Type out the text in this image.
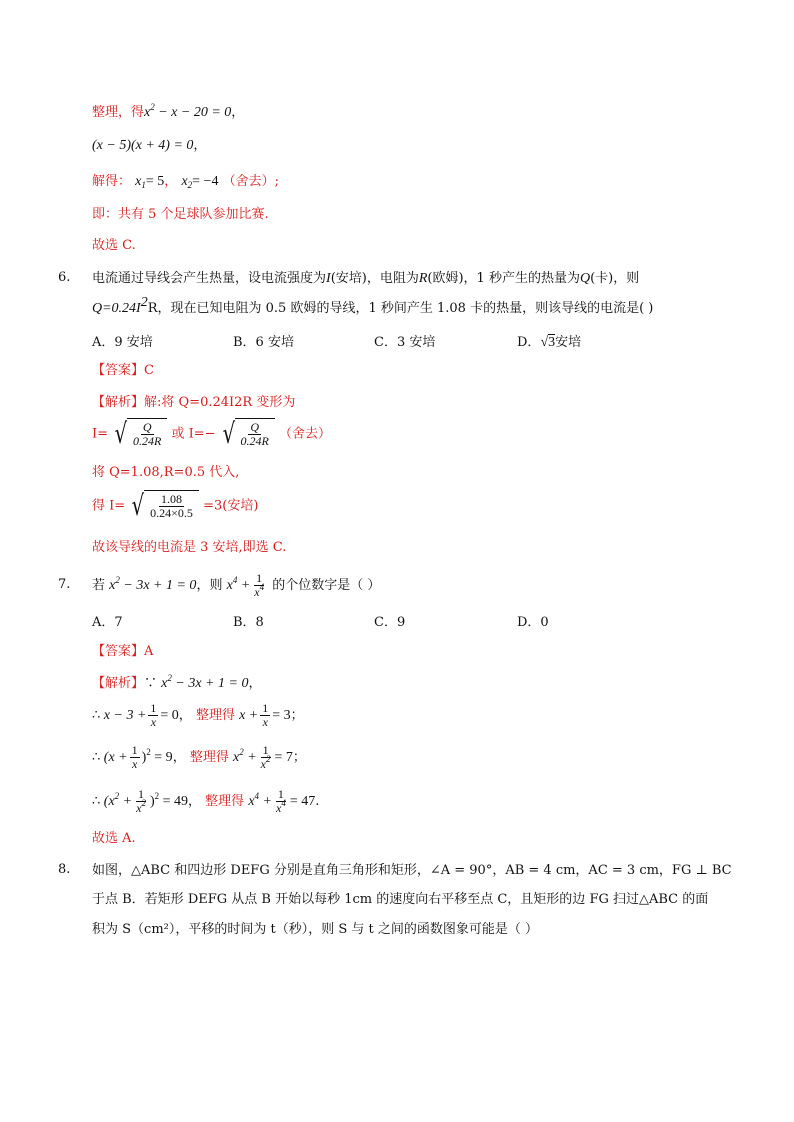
整理，得$x^2 - x - 20 = 0$，
(x − 5)(x + 4) = 0，
解得： $x_1= 5$， $x_2= -4$ （舍去）;
即：共有 5 个足球队参加比赛.
故选 C.
6. 电流通过导线会产生热量，设电流强度为I(安培)，电阻为R(欧姆)，1 秒产生的热量为Q(卡)，则
$Q=0.24I^2R$，现在已知电阻为 0.5 欧姆的导线，1 秒间产生 1.08 卡的热量，则该导线的电流是( )
A．9 安培	B．6 安培	C．3 安培	D．√3安培
【答案】C
【解析】解:将 Q=0.24I2R 变形为
I= √ $\frac{Q}{0.24R}$ 或 I=− √ $\frac{Q}{0.24R}$ （舍去）
将 Q=1.08,R=0.5 代入,
得 I= √ $\frac{1.08}{0.24\times 0.5} =3$(安培)
故该导线的电流是 3 安培,即选 C.
7. 若 $x^2 - 3x + 1 = 0$，则 $x^4 + \frac{1}{x^4}$ 的个位数字是（ ）
A．7	B．8	C．9	D．0
【答案】A
【解析】∵ $x^2 - 3x + 1 = 0$，
∴ $x - 3 + \frac{1}{x} = 0$， 整理得 $x + \frac{1}{x} = 3$；
∴ $(x + \frac{1}{x} )^2 = 9$， 整理得 $x^2 + \frac{1}{x^2} = 7$；
∴ $(x^2 + \frac{1}{x^2} )^2 = 49$， 整理得 $x^4 + \frac{1}{x^4} = 47$.
故选 A.
8. 如图，△ABC 和四边形 DEFG 分别是直角三角形和矩形，∠A = 90°，AB = 4 cm，AC = 3 cm，FG ⊥ BC
于点 B．若矩形 DEFG 从点 B 开始以每秒 1cm 的速度向右平移至点 C，且矩形的边 FG 扫过△ABC 的面
积为 S（cm²），平移的时间为 t（秒），则 S 与 t 之间的函数图象可能是（ ）
